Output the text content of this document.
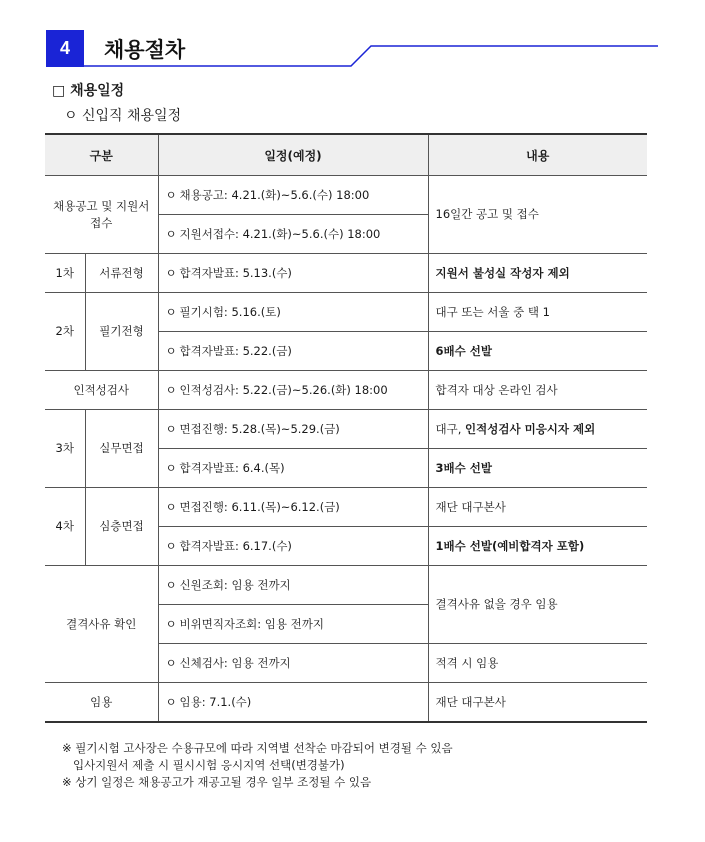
4	채용절차
□ 채용일정
ㅇ 신입직 채용일정
구분		일정(예정)	내용
채용공고 및 지원서 접수		ㅇ 채용공고: 4.21.(화)~5.6.(수) 18:00	16일간 공고 및 접수
		ㅇ 지원서접수: 4.21.(화)~5.6.(수) 18:00	
1차	서류전형	ㅇ 합격자발표: 5.13.(수)	지원서 불성실 작성자 제외
2차	필기전형	ㅇ 필기시험: 5.16.(토)	대구 또는 서울 중 택 1
		ㅇ 합격자발표: 5.22.(금)	6배수 선발
인적성검사		ㅇ 인적성검사: 5.22.(금)~5.26.(화) 18:00	합격자 대상 온라인 검사
3차	실무면접	ㅇ 면접진행: 5.28.(목)~5.29.(금)	대구, 인적성검사 미응시자 제외
		ㅇ 합격자발표: 6.4.(목)	3배수 선발
4차	심층면접	ㅇ 면접진행: 6.11.(목)~6.12.(금)	재단 대구본사
		ㅇ 합격자발표: 6.17.(수)	1배수 선발(예비합격자 포함)
결격사유 확인		ㅇ 신원조회: 임용 전까지	결격사유 없을 경우 임용
		ㅇ 비위면직자조회: 임용 전까지	
		ㅇ 신체검사: 임용 전까지	적격 시 임용
임용		ㅇ 임용: 7.1.(수)	재단 대구본사
※ 필기시험 고사장은 수용규모에 따라 지역별 선착순 마감되어 변경될 수 있음
입사지원서 제출 시 필시시험 응시지역 선택(변경불가)
※ 상기 일정은 채용공고가 재공고될 경우 일부 조정될 수 있음
